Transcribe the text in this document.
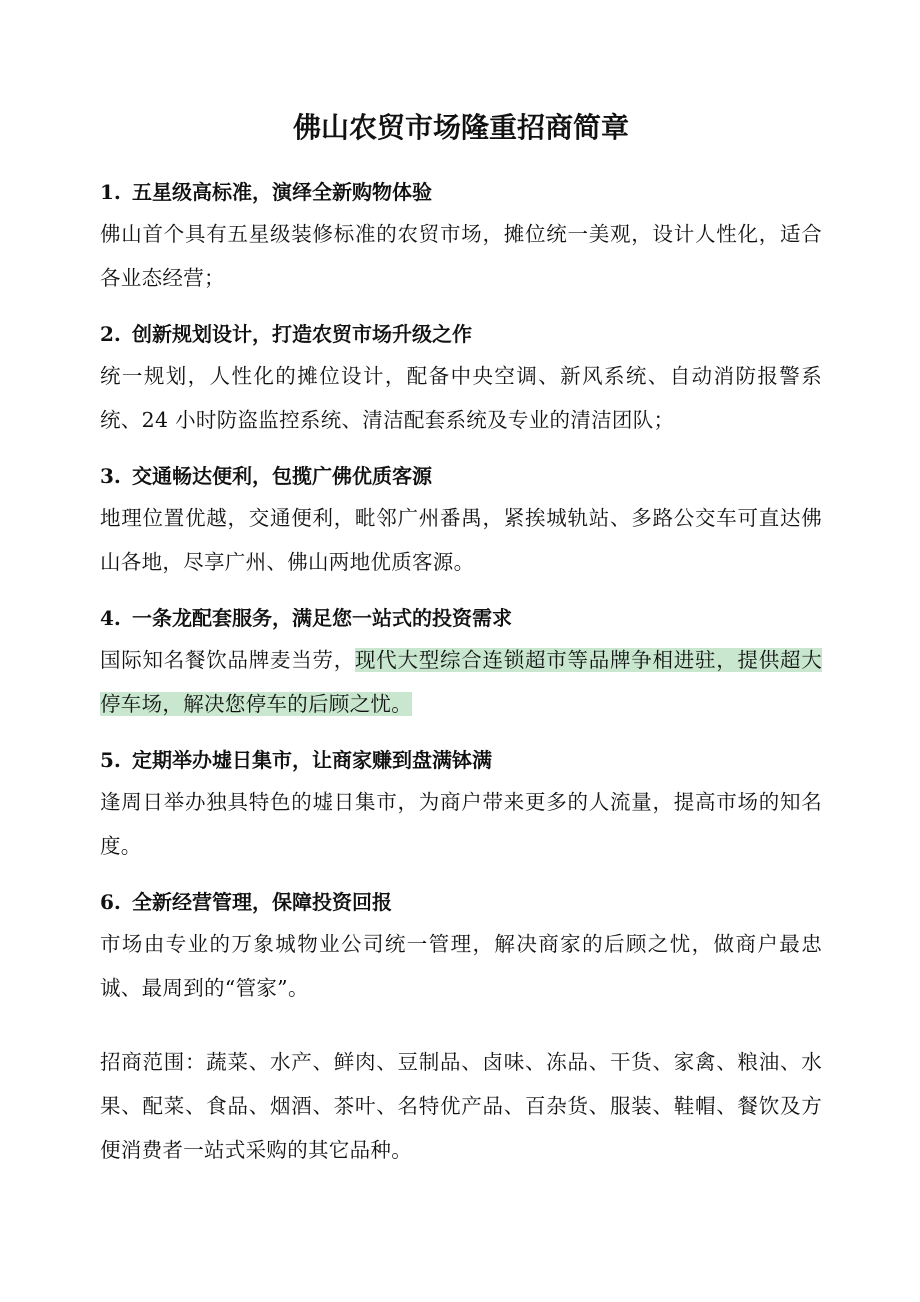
佛山农贸市场隆重招商简章

1. 五星级高标准，演绎全新购物体验

佛山首个具有五星级装修标准的农贸市场，摊位统一美观，设计人性化，适合各业态经营；

2. 创新规划设计，打造农贸市场升级之作

统一规划，人性化的摊位设计，配备中央空调、新风系统、自动消防报警系统、24 小时防盗监控系统、清洁配套系统及专业的清洁团队；

3. 交通畅达便利，包揽广佛优质客源

地理位置优越，交通便利，毗邻广州番禺，紧挨城轨站、多路公交车可直达佛山各地，尽享广州、佛山两地优质客源。

4. 一条龙配套服务，满足您一站式的投资需求

国际知名餐饮品牌麦当劳，现代大型综合连锁超市等品牌争相进驻，提供超大停车场，解决您停车的后顾之忧。

5. 定期举办墟日集市，让商家赚到盘满钵满

逢周日举办独具特色的墟日集市，为商户带来更多的人流量，提高市场的知名度。

6. 全新经营管理，保障投资回报

市场由专业的万象城物业公司统一管理，解决商家的后顾之忧，做商户最忠诚、最周到的“管家”。

招商范围：蔬菜、水产、鲜肉、豆制品、卤味、冻品、干货、家禽、粮油、水果、配菜、食品、烟酒、茶叶、名特优产品、百杂货、服装、鞋帽、餐饮及方便消费者一站式采购的其它品种。
